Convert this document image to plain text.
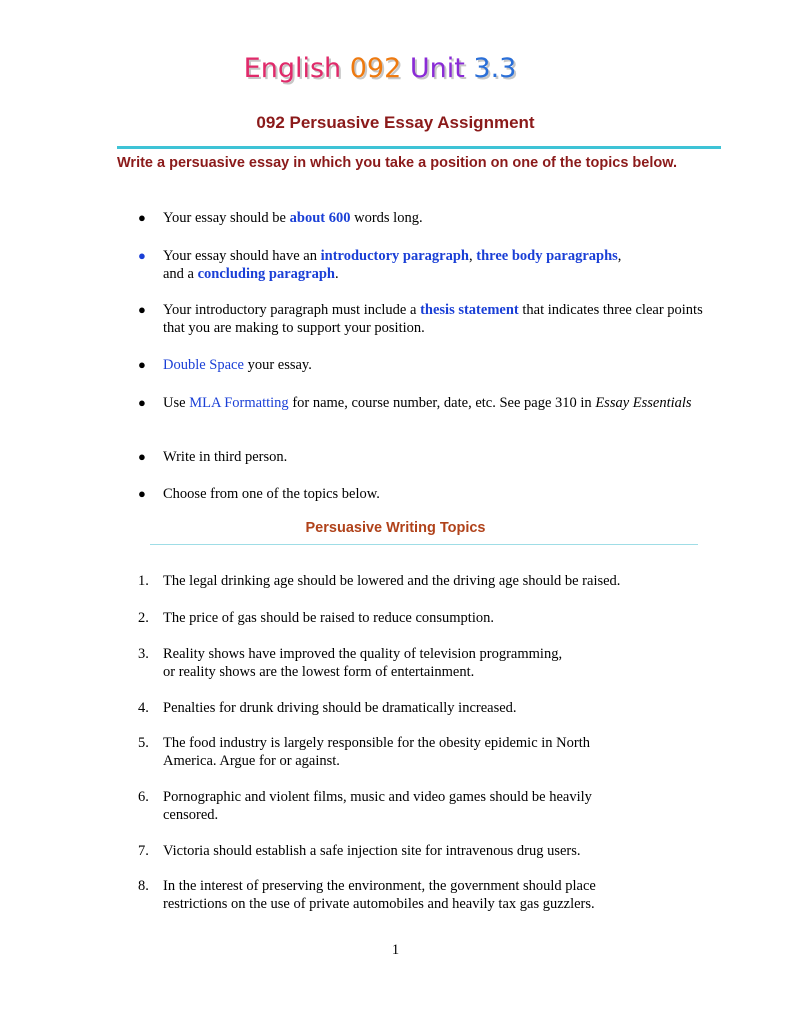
English 092 Unit 3.3
092 Persuasive Essay Assignment
Write a persuasive essay in which you take a position on one of the topics below.
● Your essay should be about 600 words long.
● Your essay should have an introductory paragraph, three body paragraphs,
and a concluding paragraph.
● Your introductory paragraph must include a thesis statement that indicates three clear points that you are making to support your position.
● Double Space your essay.
● Use MLA Formatting for name, course number, date, etc. See page 310 in Essay Essentials
● Write in third person.
● Choose from one of the topics below.
Persuasive Writing Topics
1. The legal drinking age should be lowered and the driving age should be raised.
2. The price of gas should be raised to reduce consumption.
3. Reality shows have improved the quality of television programming,
or reality shows are the lowest form of entertainment.
4. Penalties for drunk driving should be dramatically increased.
5. The food industry is largely responsible for the obesity epidemic in North
America. Argue for or against.
6. Pornographic and violent films, music and video games should be heavily
censored.
7. Victoria should establish a safe injection site for intravenous drug users.
8. In the interest of preserving the environment, the government should place
restrictions on the use of private automobiles and heavily tax gas guzzlers.
1
